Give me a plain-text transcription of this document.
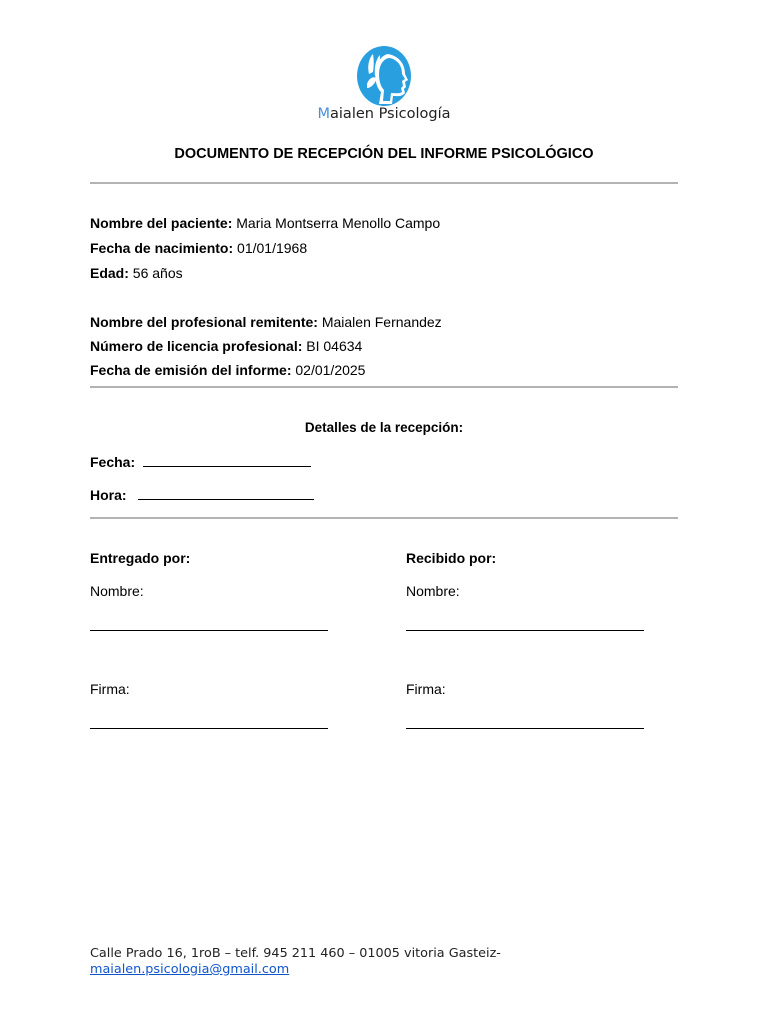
Maialen Psicología
DOCUMENTO DE RECEPCIÓN DEL INFORME PSICOLÓGICO
Nombre del paciente: Maria Montserra Menollo Campo
Fecha de nacimiento: 01/01/1968
Edad: 56 años
Nombre del profesional remitente: Maialen Fernandez
Número de licencia profesional: BI 04634
Fecha de emisión del informe: 02/01/2025
Detalles de la recepción:
Fecha:
Hora:
Entregado por:
Nombre:
Firma:
Recibido por:
Nombre:
Firma:
Calle Prado 16, 1roB – telf. 945 211 460 – 01005 vitoria Gasteiz-
maialen.psicologia@gmail.com
